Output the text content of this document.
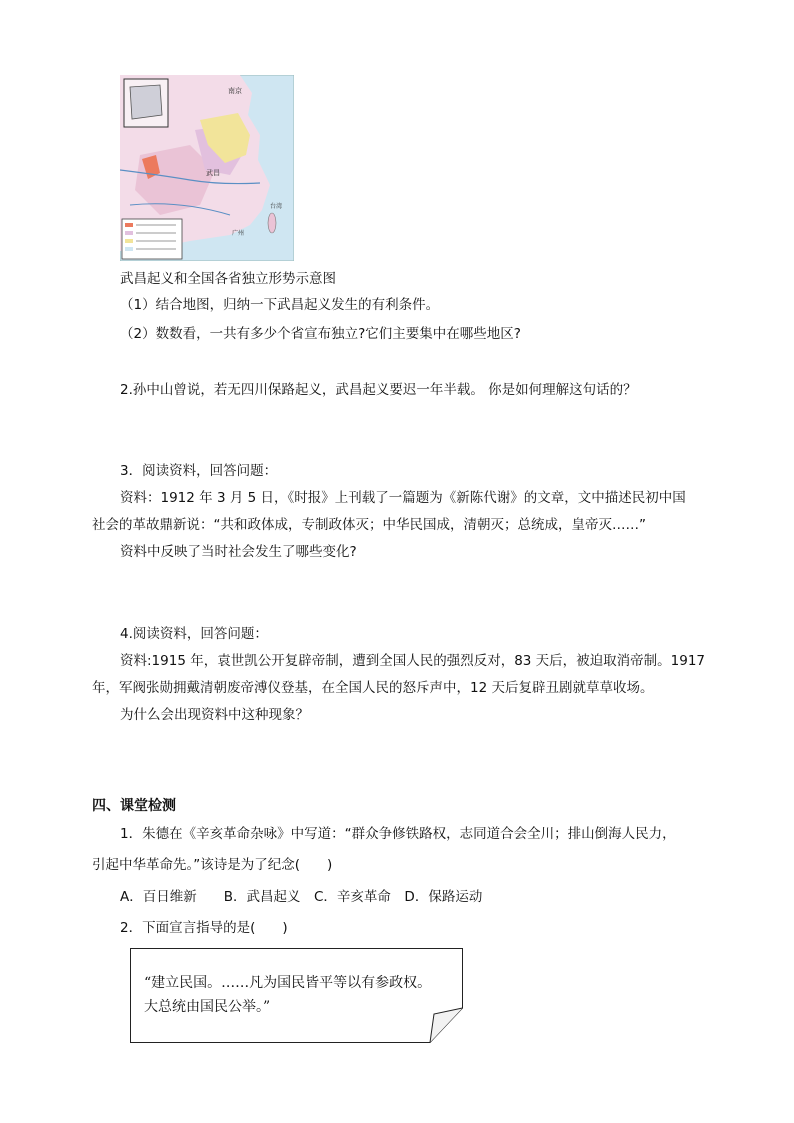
武昌
南京
台湾
广州
武昌起义和全国各省独立形势示意图
（1）结合地图，归纳一下武昌起义发生的有利条件。
（2）数数看，一共有多少个省宣布独立?它们主要集中在哪些地区?
2.孙中山曾说，若无四川保路起义，武昌起义要迟一年半载。 你是如何理解这句话的？
3．阅读资料，回答问题：
资料：1912 年 3 月 5 日，《时报》上刊载了一篇题为《新陈代谢》的文章，文中描述民初中国
社会的革故鼎新说：“共和政体成，专制政体灭；中华民国成，清朝灭；总统成，皇帝灭……”
资料中反映了当时社会发生了哪些变化?
4.阅读资料，回答问题：
资料:1915 年，袁世凯公开复辟帝制，遭到全国人民的强烈反对，83 天后，被迫取消帝制。1917
年，军阀张勋拥戴清朝废帝溥仪登基，在全国人民的怒斥声中，12 天后复辟丑剧就草草收场。
为什么会出现资料中这种现象？
四、课堂检测
1．朱德在《辛亥革命杂咏》中写道：“群众争修铁路权，志同道合会全川；排山倒海人民力，
引起中华革命先。”该诗是为了纪念(　　)
A．百日维新　　B．武昌起义　C．辛亥革命　D．保路运动
2．下面宣言指导的是(　　)
“建立民国。……凡为国民皆平等以有参政权。
大总统由国民公举。”
